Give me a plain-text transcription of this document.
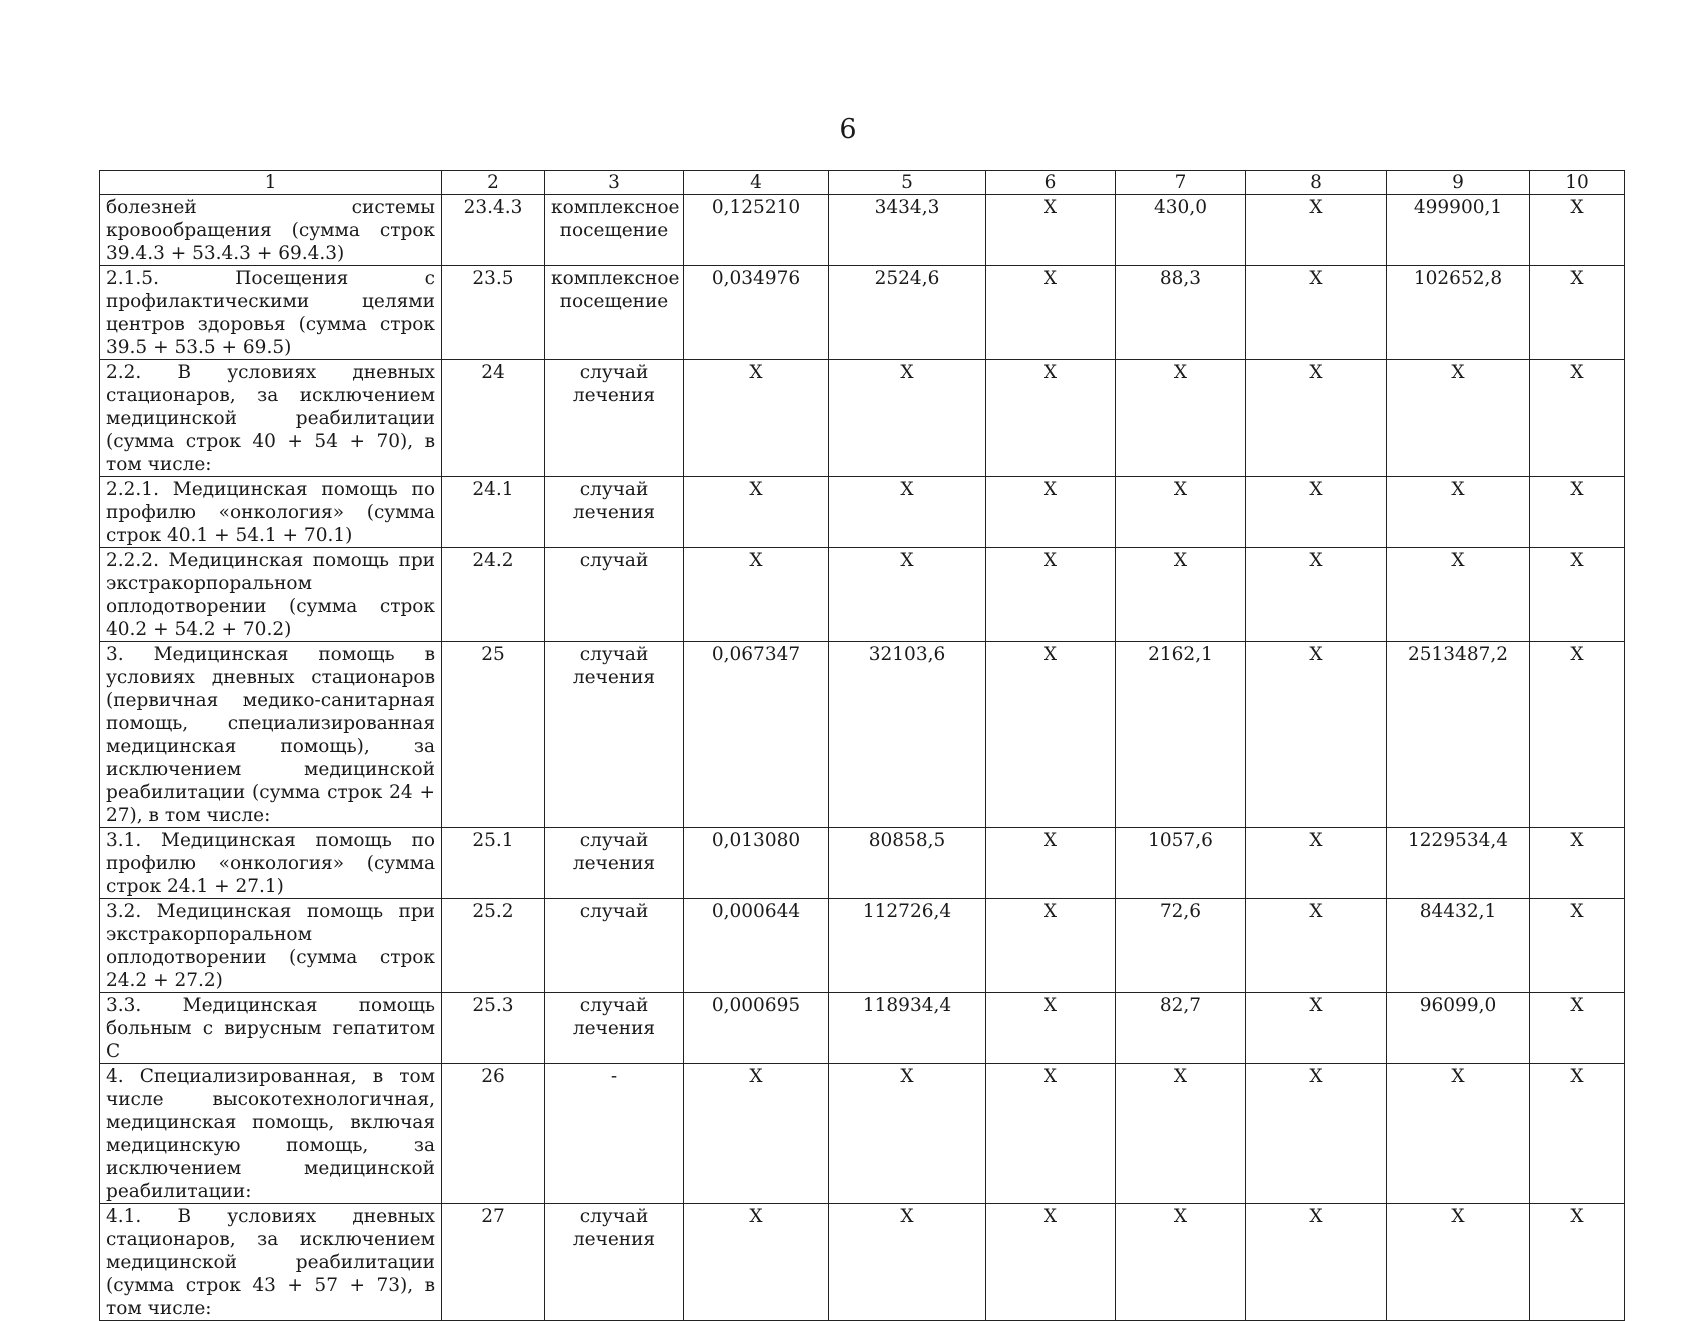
6
1	2	3	4	5	6	7	8	9	10
болезней системы кровообращения (сумма строк 39.4.3 + 53.4.3 + 69.4.3)	23.4.3	комплексное посещение	0,125210	3434,3	X	430,0	X	499900,1	X
2.1.5. Посещения с профилактическими целями центров здоровья (сумма строк 39.5 + 53.5 + 69.5)	23.5	комплексное посещение	0,034976	2524,6	X	88,3	X	102652,8	X
2.2. В условиях дневных стационаров, за исключением медицинской реабилитации (сумма строк 40 + 54 + 70), в том числе:	24	случай лечения	X	X	X	X	X	X	X
2.2.1. Медицинская помощь по профилю «онкология» (сумма строк 40.1 + 54.1 + 70.1)	24.1	случай лечения	X	X	X	X	X	X	X
2.2.2. Медицинская помощь при экстракорпоральном оплодотворении (сумма строк 40.2 + 54.2 + 70.2)	24.2	случай	X	X	X	X	X	X	X
3. Медицинская помощь в условиях дневных стационаров (первичная медико-санитарная помощь, специализированная медицинская помощь), за исключением медицинской реабилитации (сумма строк 24 + 27), в том числе:	25	случай лечения	0,067347	32103,6	X	2162,1	X	2513487,2	X
3.1. Медицинская помощь по профилю «онкология» (сумма строк 24.1 + 27.1)	25.1	случай лечения	0,013080	80858,5	X	1057,6	X	1229534,4	X
3.2. Медицинская помощь при экстракорпоральном оплодотворении (сумма строк 24.2 + 27.2)	25.2	случай	0,000644	112726,4	X	72,6	X	84432,1	X
3.3. Медицинская помощь больным с вирусным гепатитом С	25.3	случай лечения	0,000695	118934,4	X	82,7	X	96099,0	X
4. Специализированная, в том числе высокотехнологичная, медицинская помощь, включая медицинскую помощь, за исключением медицинской реабилитации:	26	-	X	X	X	X	X	X	X
4.1. В условиях дневных стационаров, за исключением медицинской реабилитации (сумма строк 43 + 57 + 73), в том числе:	27	случай лечения	X	X	X	X	X	X	X
